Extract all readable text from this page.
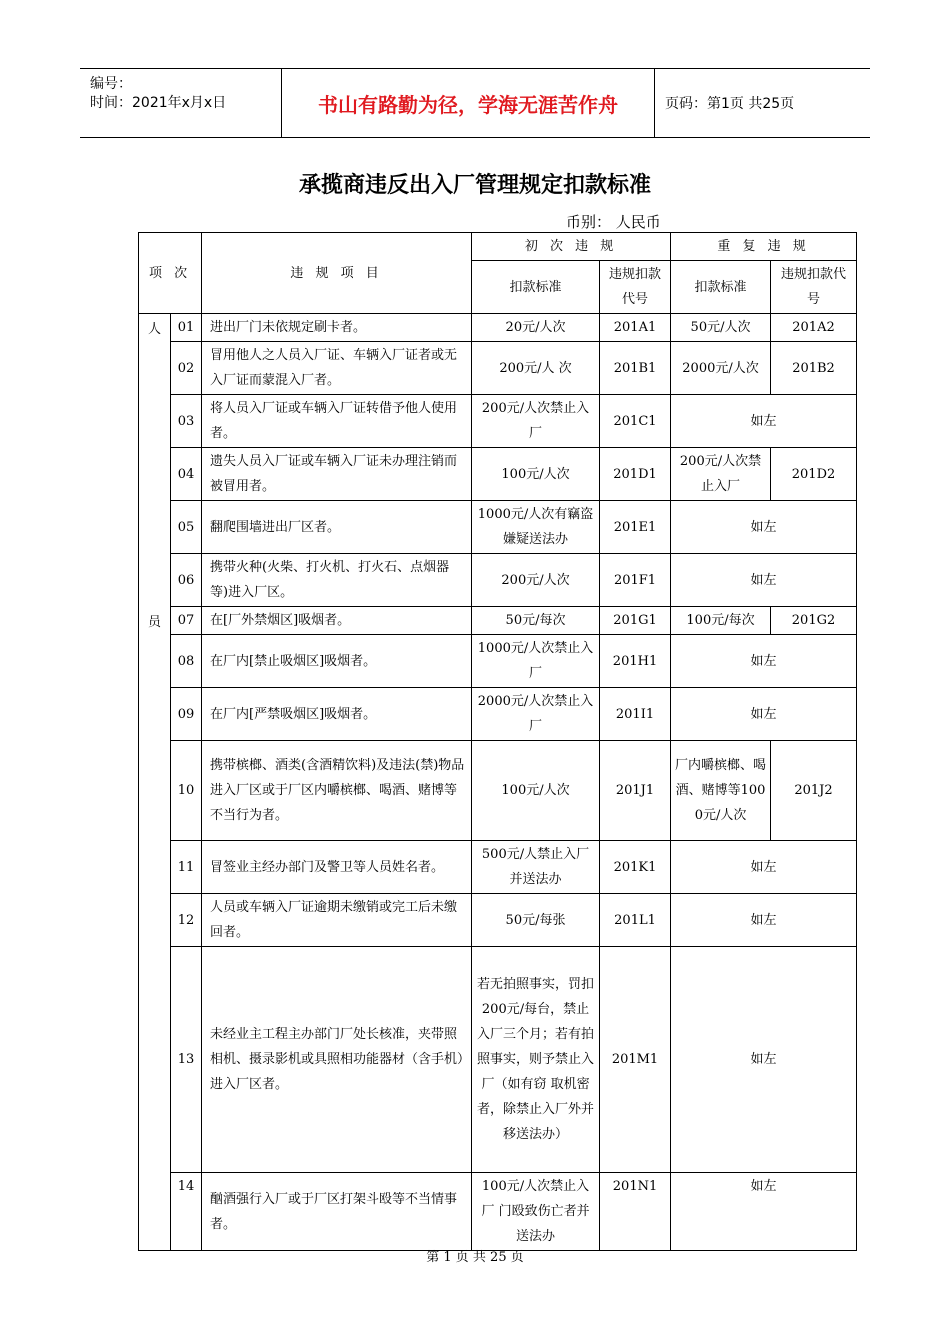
编号：
时间：2021年x月x日	书山有路勤为径，学海无涯苦作舟	页码：第1页 共25页
承揽商违反出入厂管理规定扣款标准
币别： 人民币
项 次		违 规 项 目	初 次 违 规		重 复 违 规	
			扣款标准	违规扣款代号	扣款标准	违规扣款代号

人
员	01	进出厂门未依规定刷卡者。	20元/人次	201A1	50元/人次	201A2
	02	冒用他人之人员入厂证、车辆入厂证者或无入厂证而蒙混入厂者。	200元/人 次	201B1	2000元/人次	201B2
	03	将人员入厂证或车辆入厂证转借予他人使用者。	200元/人次禁止入厂	201C1	如左	
	04	遗失人员入厂证或车辆入厂证未办理注销而被冒用者。	100元/人次	201D1	200元/人次禁止入厂	201D2
	05	翻爬围墙进出厂区者。	1000元/人次有竊盗嫌疑送法办	201E1	如左	
	06	携带火种(火柴、打火机、打火石、点烟器等)进入厂区。	200元/人次	201F1	如左	
	07	在[厂外禁烟区]吸烟者。	50元/每次	201G1	100元/每次	201G2
	08	在厂内[禁止吸烟区]吸烟者。	1000元/人次禁止入厂	201H1	如左	
	09	在厂内[严禁吸烟区]吸烟者。	2000元/人次禁止入厂	201I1	如左	
	10	携带槟榔、酒类(含酒精饮料)及违法(禁)物品进入厂区或于厂区内嚼槟榔、喝酒、赌博等不当行为者。	100元/人次	201J1	厂内嚼槟榔、喝酒、赌博等1000元/人次	201J2
	11	冒签业主经办部门及警卫等人员姓名者。	500元/人禁止入厂并送法办	201K1	如左	
	12	人员或车辆入厂证逾期未缴销或完工后未缴回者。	50元/每张	201L1	如左	
	13	未经业主工程主办部门厂处长核准，夹带照相机、摄录影机或具照相功能器材（含手机）进入厂区者。	若无拍照事实，罚扣200元/每台，禁止入厂三个月；若有拍照事实，则予禁止入厂（如有窃 取机密者，除禁止入厂外并移送法办）	201M1	如左	
	14	酗酒强行入厂或于厂区打架斗殴等不当情事者。	100元/人次禁止入厂 门殴致伤亡者并送法办	201N1	如左	
第 1 页 共 25 页
